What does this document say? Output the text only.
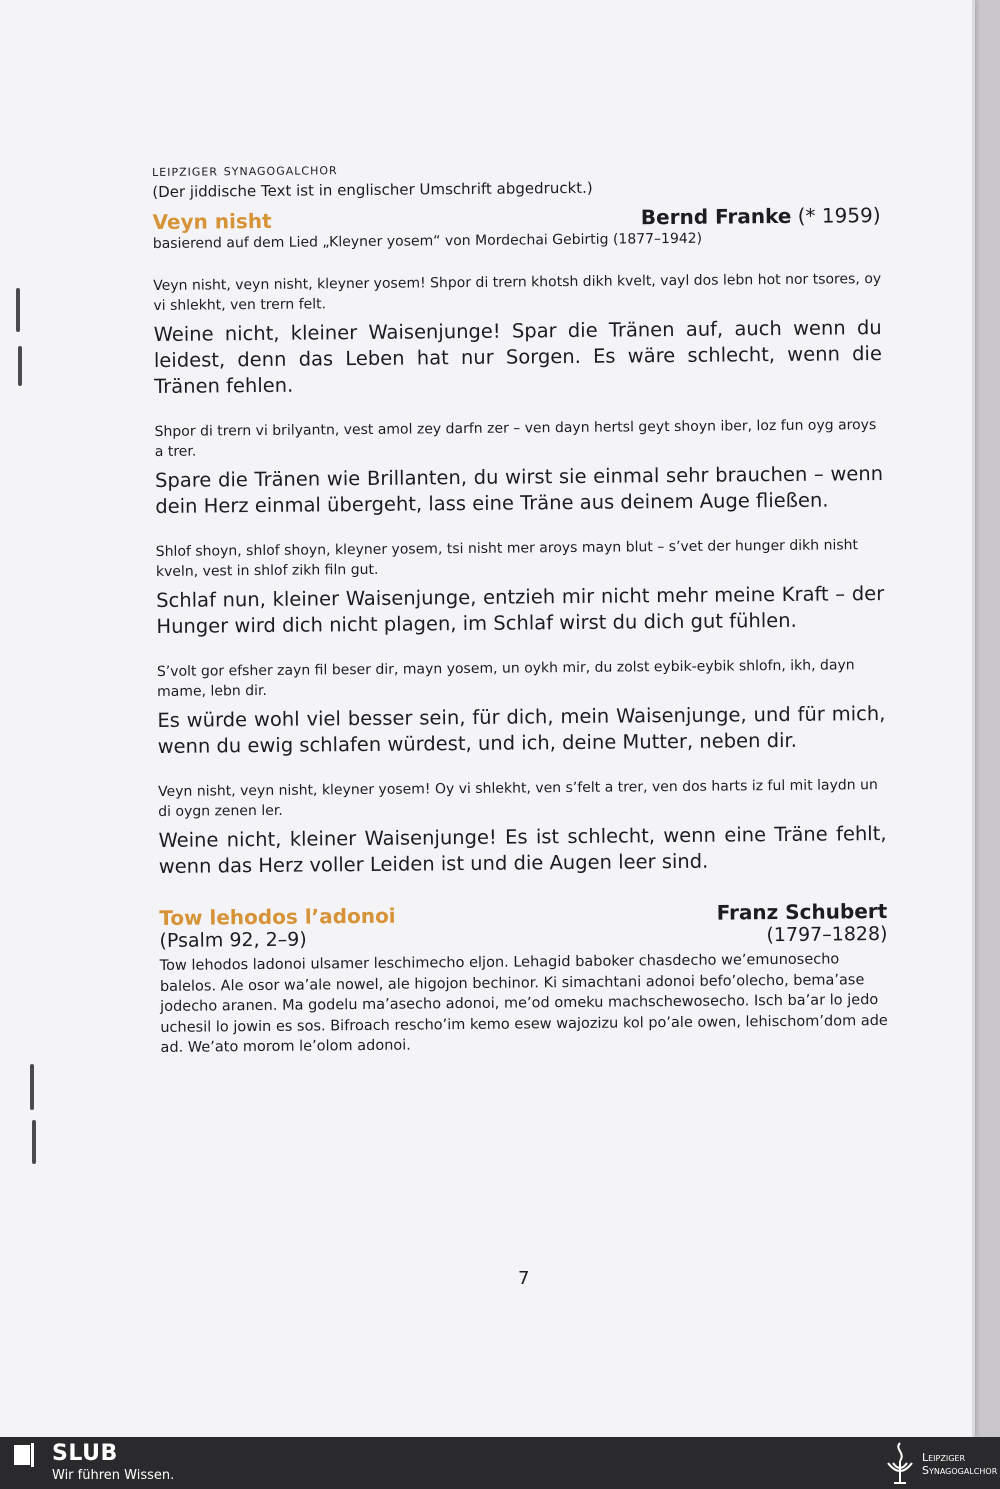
leipziger synagogalchor

(Der jiddische Text ist in englischer Umschrift abgedruckt.)

Veyn nisht	Bernd Franke (* 1959)

basierend auf dem Lied „Kleyner yosem“ von Mordechai Gebirtig (1877–1942)

Veyn nisht, veyn nisht, kleyner yosem! Shpor di trern khotsh dikh kvelt, vayl dos lebn hot nor tsores, oy vi shlekht, ven trern felt.

Weine nicht, kleiner Waisenjunge! Spar die Tränen auf, auch wenn du leidest, denn das Leben hat nur Sorgen. Es wäre schlecht, wenn die Tränen fehlen.

Shpor di trern vi brilyantn, vest amol zey darfn zer – ven dayn hertsl geyt shoyn iber, loz fun oyg aroys a trer.

Spare die Tränen wie Brillanten, du wirst sie einmal sehr brauchen – wenn dein Herz einmal übergeht, lass eine Träne aus deinem Auge fließen.

Shlof shoyn, shlof shoyn, kleyner yosem, tsi nisht mer aroys mayn blut – s’vet der hunger dikh nisht kveln, vest in shlof zikh filn gut.

Schlaf nun, kleiner Waisenjunge, entzieh mir nicht mehr meine Kraft – der Hunger wird dich nicht plagen, im Schlaf wirst du dich gut fühlen.

S’volt gor efsher zayn fil beser dir, mayn yosem, un oykh mir, du zolst eybik-eybik shlofn, ikh, dayn mame, lebn dir.

Es würde wohl viel besser sein, für dich, mein Waisenjunge, und für mich, wenn du ewig schlafen würdest, und ich, deine Mutter, neben dir.

Veyn nisht, veyn nisht, kleyner yosem! Oy vi shlekht, ven s’felt a trer, ven dos harts iz ful mit laydn un di oygn zenen ler.

Weine nicht, kleiner Waisenjunge! Es ist schlecht, wenn eine Träne fehlt, wenn das Herz voller Leiden ist und die Augen leer sind.

Tow lehodos l’adonoi	Franz Schubert
(Psalm 92, 2–9)	(1797–1828)

Tow lehodos ladonoi ulsamer leschimecho eljon. Lehagid baboker chasdecho we’emunosecho balelos. Ale osor wa’ale nowel, ale higojon bechinor. Ki simachtani adonoi befo’olecho, bema’ase jodecho aranen. Ma godelu ma’asecho adonoi, me’od omeku machschewosecho. Isch ba’ar lo jedo uchesil lo jowin es sos. Bifroach rescho’im kemo esew wajozizu kol po’ale owen, lehischom’dom ade ad. We’ato morom le’olom adonoi.

7
SLUB
Wir führen Wissen.
Leipziger
Synagogalchor
